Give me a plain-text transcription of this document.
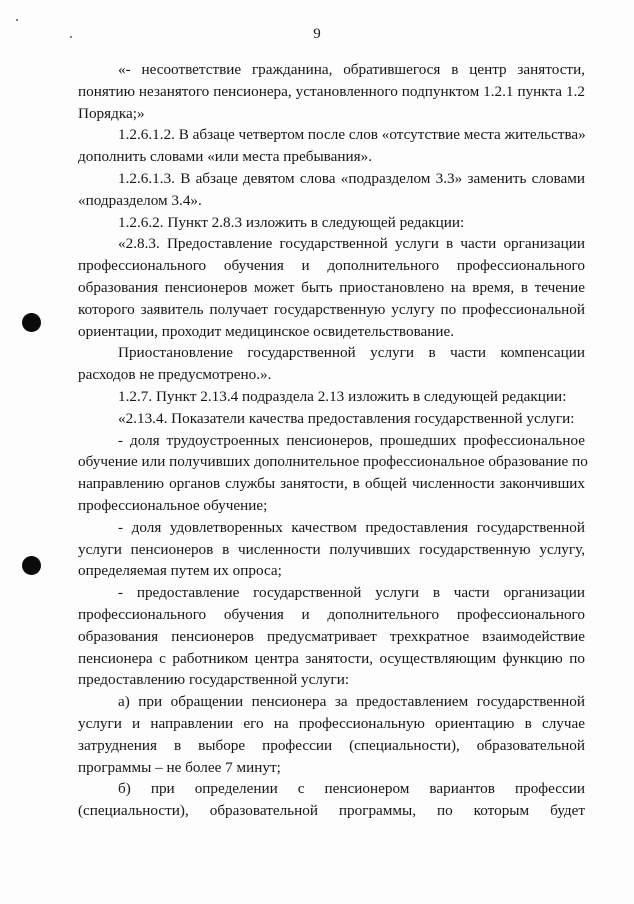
9
«- несоответствие гражданина, обратившегося в центр занятости,
понятию незанятого пенсионера, установленного подпунктом 1.2.1 пункта 1.2
Порядка;»
1.2.6.1.2. В абзаце четвертом после слов «отсутствие места жительства»
дополнить словами «или места пребывания».
1.2.6.1.3. В абзаце девятом слова «подразделом 3.3» заменить словами
«подразделом 3.4».
1.2.6.2. Пункт 2.8.3 изложить в следующей редакции:
«2.8.3. Предоставление государственной услуги в части организации
профессионального обучения и дополнительного профессионального
образования пенсионеров может быть приостановлено на время, в течение
которого заявитель получает государственную услугу по профессиональной
ориентации, проходит медицинское освидетельствование.
Приостановление государственной услуги в части компенсации
расходов не предусмотрено.».
1.2.7. Пункт 2.13.4 подраздела 2.13 изложить в следующей редакции:
«2.13.4. Показатели качества предоставления государственной услуги:
- доля трудоустроенных пенсионеров, прошедших профессиональное
обучение или получивших дополнительное профессиональное образование по
направлению органов службы занятости, в общей численности закончивших
профессиональное обучение;
- доля удовлетворенных качеством предоставления государственной
услуги пенсионеров в численности получивших государственную услугу,
определяемая путем их опроса;
- предоставление государственной услуги в части организации
профессионального обучения и дополнительного профессионального
образования пенсионеров предусматривает трехкратное взаимодействие
пенсионера с работником центра занятости, осуществляющим функцию по
предоставлению государственной услуги:
а) при обращении пенсионера за предоставлением государственной
услуги и направлении его на профессиональную ориентацию в случае
затруднения в выборе профессии (специальности), образовательной
программы – не более 7 минут;
б) при определении с пенсионером вариантов профессии
(специальности), образовательной программы, по которым будет
